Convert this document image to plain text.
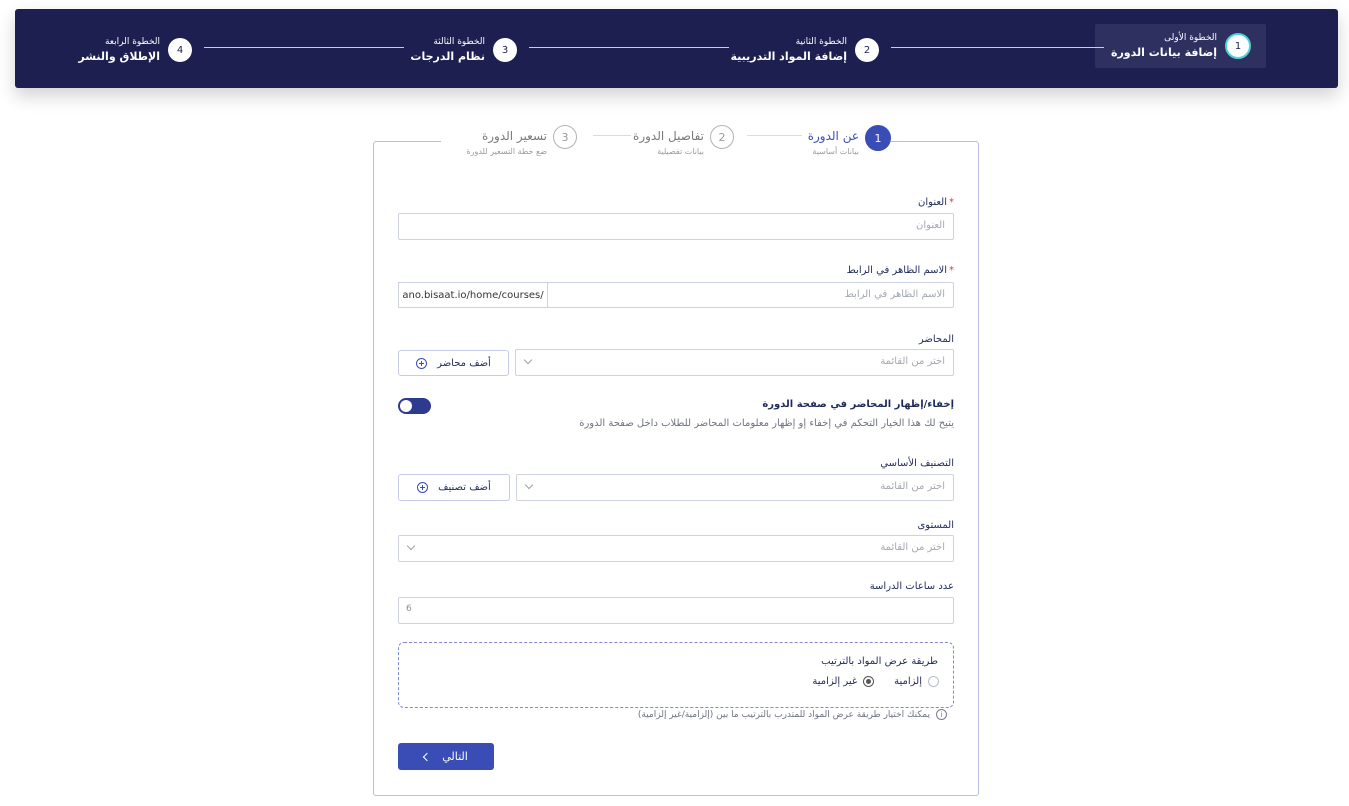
1
الخطوة الأولى
إضافة بيانات الدورة
2
الخطوة الثانية
إضافة المواد التدريبية
3
الخطوة الثالثة
نظام الدرجات
4
الخطوة الرابعة
الإطلاق والنشر
1
عن الدورة
بيانات أساسية
2
تفاصيل الدورة
بيانات تفصيلية
3
تسعير الدورة
ضع خطة التسعير للدورة
*العنوان
العنوان
*الاسم الظاهر في الرابط
الاسم الظاهر في الرابط
ano.bisaat.io/home/courses/
المحاضر
اختر من القائمة
أضف محاضر
إخفاء/إظهار المحاضر في صفحة الدورة
يتيح لك هذا الخيار التحكم في إخفاء إو إظهار معلومات المحاضر للطلاب داخل صفحة الدورة
التصنيف الأساسي
اختر من القائمة
أضف تصنيف
المستوى
اختر من القائمة
عدد ساعات الدراسة
6
طريقة عرض المواد بالترتيب
إلزامية
غير إلزامية
i
يمكنك اختيار طريقة عرض المواد للمتدرب بالترتيب ما بين (إلزامية/غير إلزامية)
التالي
